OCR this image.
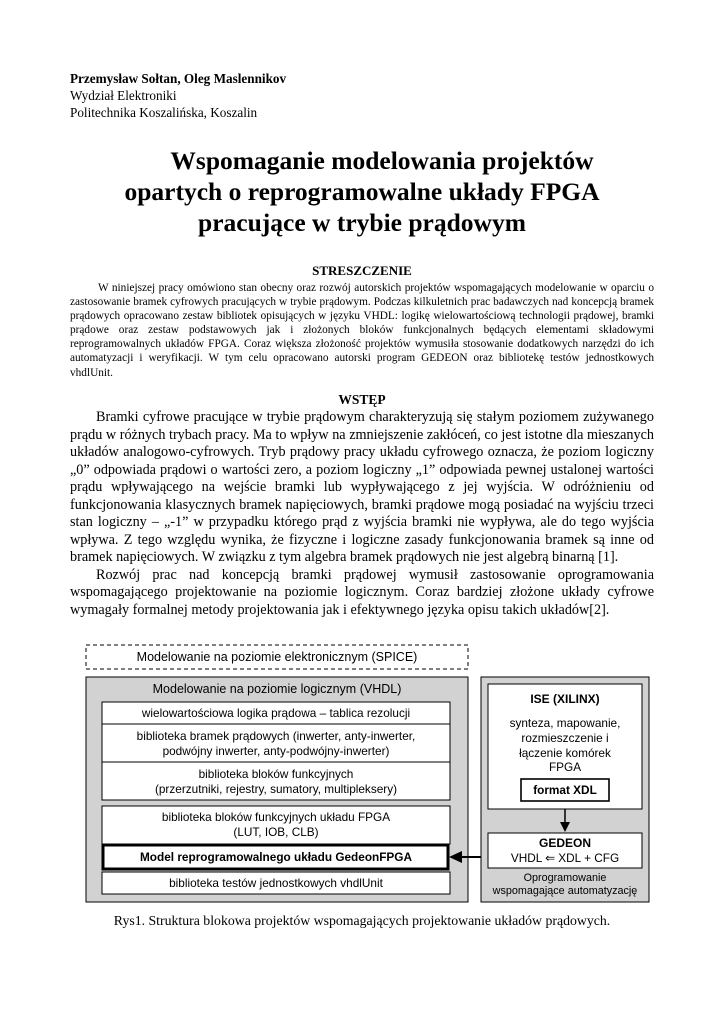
Przemysław Sołtan, Oleg Maslennikov
Wydział Elektroniki
Politechnika Koszalińska, Koszalin
Wspomaganie modelowania projektów
opartych o reprogramowalne układy FPGA
pracujące w trybie prądowym
STRESZCZENIE
W niniejszej pracy omówiono stan obecny oraz rozwój autorskich projektów wspomagających modelowanie w oparciu o zastosowanie bramek cyfrowych pracujących w trybie prądowym. Podczas kilkuletnich prac badawczych nad koncepcją bramek prądowych opracowano zestaw bibliotek opisujących w języku VHDL: logikę wielowartościową technologii prądowej, bramki prądowe oraz zestaw podstawowych jak i złożonych bloków funkcjonalnych będących elementami składowymi reprogramowalnych układów FPGA. Coraz większa złożoność projektów wymusiła stosowanie dodatkowych narzędzi do ich automatyzacji i weryfikacji. W tym celu opracowano autorski program GEDEON oraz bibliotekę testów jednostkowych vhdlUnit.
WSTĘP

Bramki cyfrowe pracujące w trybie prądowym charakteryzują się stałym poziomem zużywanego prądu w różnych trybach pracy. Ma to wpływ na zmniejszenie zakłóceń, co jest istotne dla mieszanych układów analogowo-cyfrowych. Tryb prądowy pracy układu cyfrowego oznacza, że poziom logiczny „0” odpowiada prądowi o wartości zero, a poziom logiczny „1” odpowiada pewnej ustalonej wartości prądu wpływającego na wejście bramki lub wypływającego z jej wyjścia. W odróżnieniu od funkcjonowania klasycznych bramek napięciowych, bramki prądowe mogą posiadać na wyjściu trzeci stan logiczny – „-1” w przypadku którego prąd z wyjścia bramki nie wypływa, ale do tego wyjścia wpływa. Z tego względu wynika, że fizyczne i logiczne zasady funkcjonowania bramek są inne od bramek napięciowych. W związku z tym algebra bramek prądowych nie jest algebrą binarną [1].

Rozwój prac nad koncepcją bramki prądowej wymusił zastosowanie oprogramowania wspomagającego projektowanie na poziomie logicznym. Coraz bardziej złożone układy cyfrowe wymagały formalnej metody projektowania jak i efektywnego języka opisu takich układów[2].

Modelowanie na poziomie elektronicznym (SPICE)
Modelowanie na poziomie logicznym (VHDL)
wielowartościowa logika prądowa – tablica rezolucji
biblioteka bramek prądowych (inwerter, anty-inwerter,
podwójny inwerter, anty-podwójny-inwerter)
biblioteka bloków funkcyjnych
(przerzutniki, rejestry, sumatory, multipleksery)
biblioteka bloków funkcyjnych układu FPGA
(LUT, IOB, CLB)
Model reprogramowalnego układu GedeonFPGA
biblioteka testów jednostkowych vhdlUnit
ISE (XILINX)
synteza, mapowanie,
rozmieszczenie i
łączenie komórek
FPGA
format XDL
GEDEON
VHDL ⇐ XDL + CFG
Oprogramowanie
wspomagające automatyzację
Rys1. Struktura blokowa projektów wspomagających projektowanie układów prądowych.
